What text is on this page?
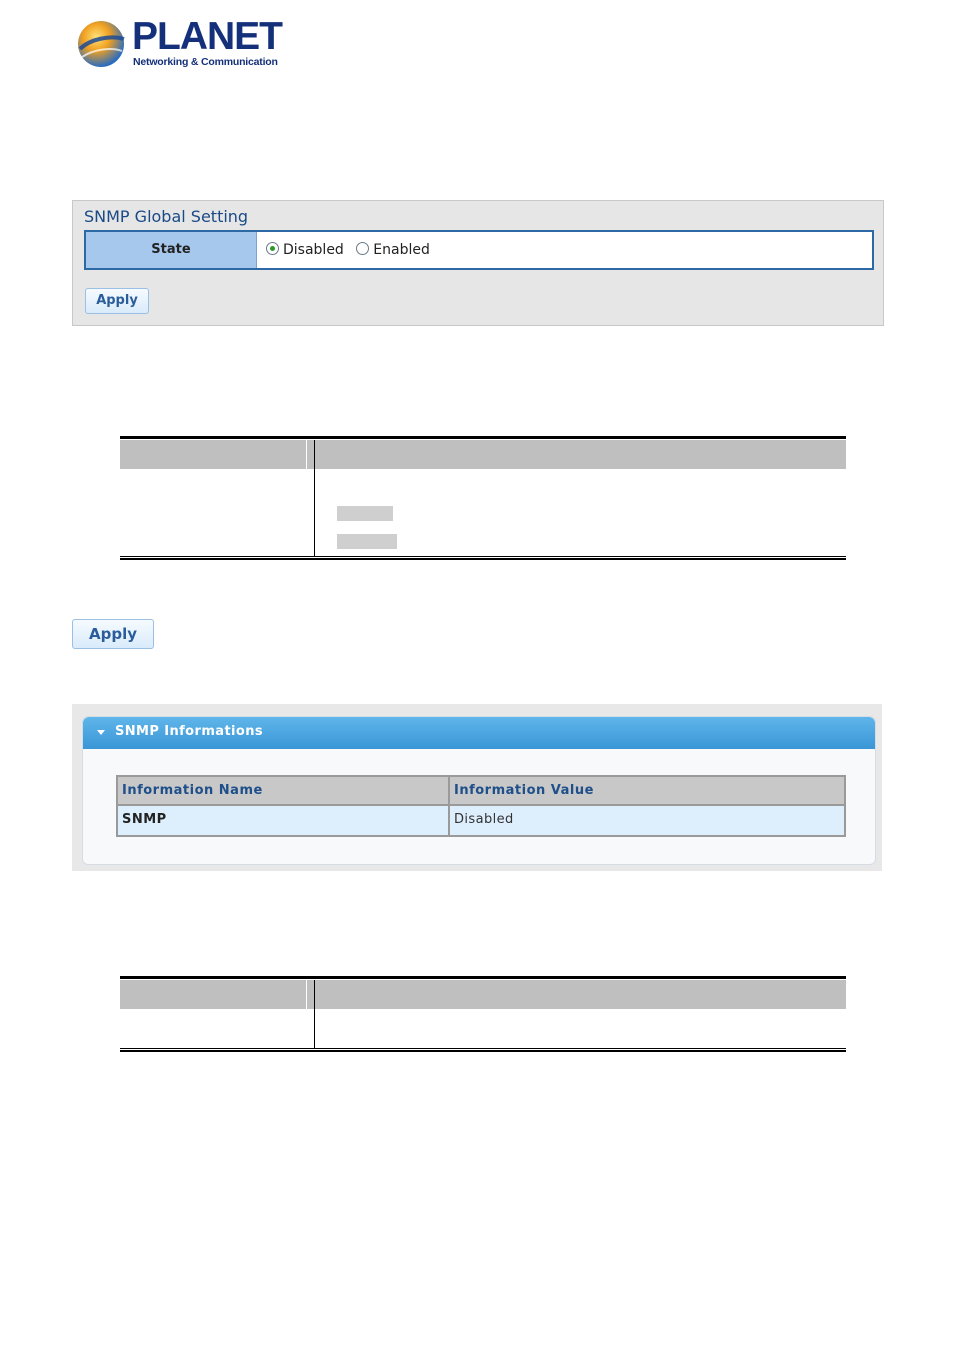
PLANET
Networking & Communication
SNMP Global Setting
State	Disabled Enabled
Apply
Apply
SNMP Informations
Information Name	Information Value
SNMP	Disabled
